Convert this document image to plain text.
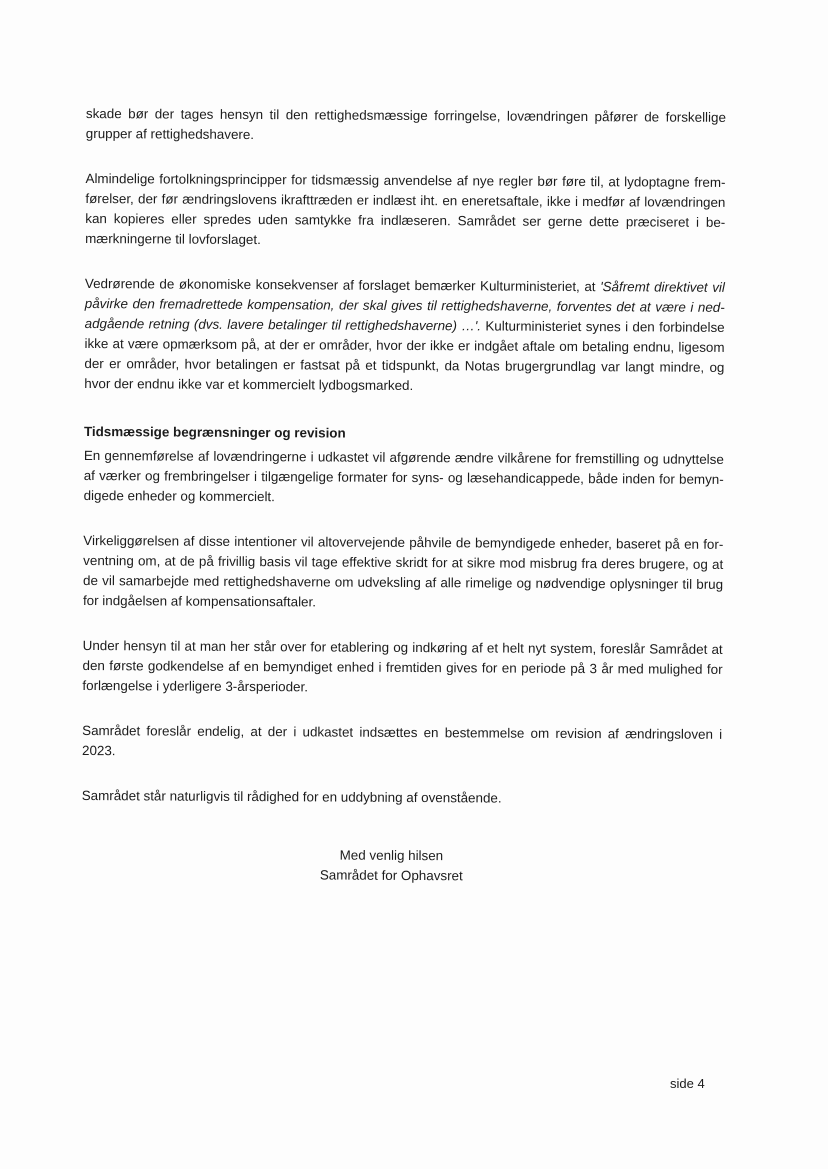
skade bør der tages hensyn til den rettighedsmæssige forringelse, lovændringen påfører de forskellige grupper af rettighedshavere.

Almindelige fortolkningsprincipper for tidsmæssig anvendelse af nye regler bør føre til, at lydoptagne fremførelser, der før ændringslovens ikrafttræden er indlæst iht. en eneretsaftale, ikke i medfør af lovændringen kan kopieres eller spredes uden samtykke fra indlæseren. Samrådet ser gerne dette præciseret i bemærkningerne til lovforslaget.

Vedrørende de økonomiske konsekvenser af forslaget bemærker Kulturministeriet, at 'Såfremt direktivet vil påvirke den fremadrettede kompensation, der skal gives til rettighedshaverne, forventes det at være i nedadgående retning (dvs. lavere betalinger til rettighedshaverne) …'. Kulturministeriet synes i den forbindelse ikke at være opmærksom på, at der er områder, hvor der ikke er indgået aftale om betaling endnu, ligesom der er områder, hvor betalingen er fastsat på et tidspunkt, da Notas brugergrundlag var langt mindre, og hvor der endnu ikke var et kommercielt lydbogsmarked.

Tidsmæssige begrænsninger og revision

En gennemførelse af lovændringerne i udkastet vil afgørende ændre vilkårene for fremstilling og udnyttelse af værker og frembringelser i tilgængelige formater for syns- og læsehandicappede, både inden for bemyndigede enheder og kommercielt.

Virkeliggørelsen af disse intentioner vil altovervejende påhvile de bemyndigede enheder, baseret på en forventning om, at de på frivillig basis vil tage effektive skridt for at sikre mod misbrug fra deres brugere, og at de vil samarbejde med rettighedshaverne om udveksling af alle rimelige og nødvendige oplysninger til brug for indgåelsen af kompensationsaftaler.

Under hensyn til at man her står over for etablering og indkøring af et helt nyt system, foreslår Samrådet at den første godkendelse af en bemyndiget enhed i fremtiden gives for en periode på 3 år med mulighed for forlængelse i yderligere 3-årsperioder.

Samrådet foreslår endelig, at der i udkastet indsættes en bestemmelse om revision af ændringsloven i 2023.

Samrådet står naturligvis til rådighed for en uddybning af ovenstående.

Med venlig hilsen
Samrådet for Ophavsret
side 4
